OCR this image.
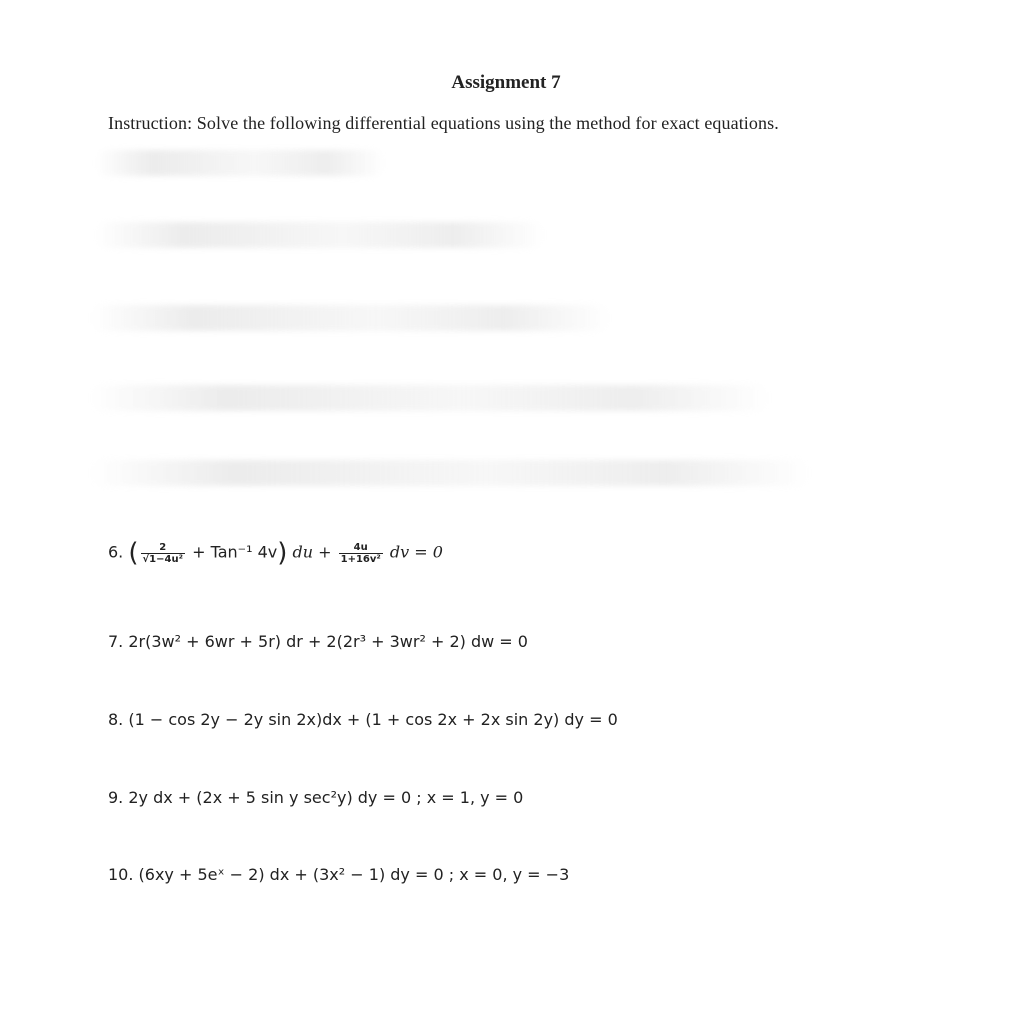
Assignment 7
Instruction: Solve the following differential equations using the method for exact equations.
6. ( $\frac{2}{\text{√1−4u²}} + Tan^{-1}$ 4v) du + $\frac{4u}{\text{1+16v²}}$ dv = 0
7. 2r(3w² + 6wr + 5r) dr + 2(2r³ + 3wr² + 2) dw = 0
8. (1 − cos 2y − 2y sin 2x)dx + (1 + cos 2x + 2x sin 2y) dy = 0
9. 2y dx + (2x + 5 sin y sec²y) dy = 0 ; x = 1, y = 0
10. (6xy + 5eˣ − 2) dx + (3x² − 1) dy = 0 ; x = 0, y = −3
